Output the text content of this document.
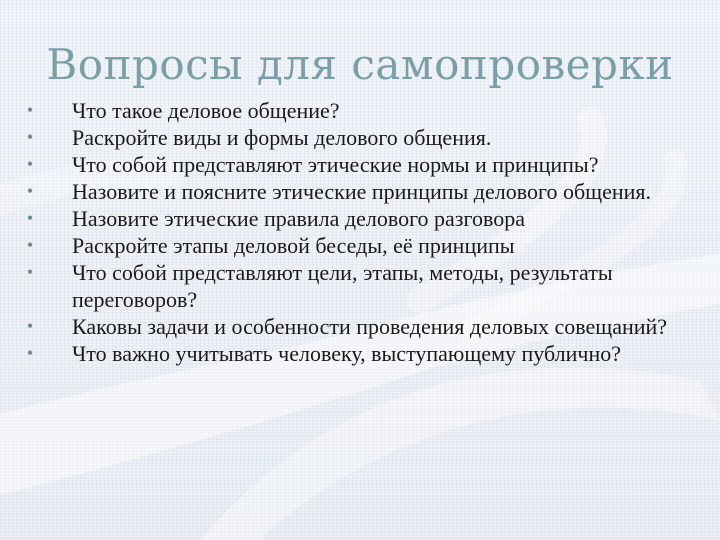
Вопросы для самопроверки
•	Что такое деловое общение?
•	Раскройте виды и формы делового общения.
•	Что собой представляют этические нормы и принципы?
•	Назовите и поясните этические принципы делового общения.
•	Назовите этические правила делового разговора
•	Раскройте этапы деловой беседы, её принципы
•	Что собой представляют цели, этапы, методы, результаты переговоров?
•	Каковы задачи и особенности проведения деловых совещаний?
•	Что важно учитывать человеку, выступающему публично?
